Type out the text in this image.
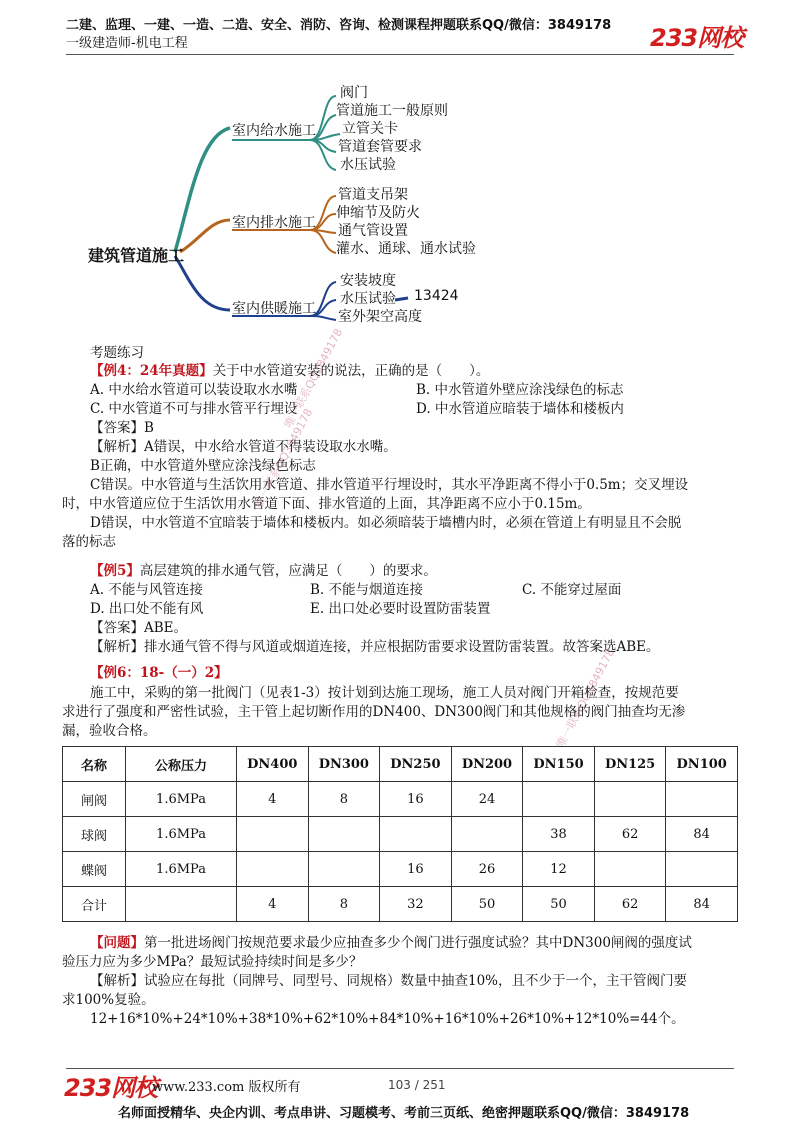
二建、监理、一建、一造、二造、安全、消防、咨询、检测课程押题联系QQ/微信：3849178
一级建造师-机电工程	233网校
建筑管道施工
室内给水施工
室内排水施工
室内供暖施工
阀门
管道施工一般原则
立管关卡
管道套管要求
水压试验
管道支吊架
伸缩节及防火
通气管设置
灌水、通球、通水试验
安装坡度
水压试验
室外架空高度
13424
唯一联系QQ3849178
唯一联系QQ3849178
唯一联系QQ3849178
考题练习
【例4：24年真题】关于中水管道安装的说法，正确的是（　　）。
A. 中水给水管道可以装设取水水嘴	B. 中水管道外壁应涂浅绿色的标志
C. 中水管道不可与排水管平行埋设	D. 中水管道应暗装于墙体和楼板内
【答案】B
【解析】A错误，中水给水管道不得装设取水水嘴。
B正确，中水管道外壁应涂浅绿色标志
C错误。中水管道与生活饮用水管道、排水管道平行埋设时，其水平净距离不得小于0.5m；交叉埋设
时，中水管道应位于生活饮用水管道下面、排水管道的上面，其净距离不应小于0.15m。
D错误，中水管道不宜暗装于墙体和楼板内。如必须暗装于墙槽内时，必须在管道上有明显且不会脱
落的标志
【例5】高层建筑的排水通气管，应满足（　　）的要求。
A. 不能与风管连接	B. 不能与烟道连接	C. 不能穿过屋面
D. 出口处不能有风	E. 出口处必要时设置防雷装置
【答案】ABE。
【解析】排水通气管不得与风道或烟道连接，并应根据防雷要求设置防雷装置。故答案选ABE。
【例6：18-（一）2】
施工中，采购的第一批阀门（见表1-3）按计划到达施工现场，施工人员对阀门开箱检查，按规范要
求进行了强度和严密性试验，主干管上起切断作用的DN400、DN300阀门和其他规格的阀门抽查均无渗
漏，验收合格。
名称	公称压力	DN400	DN300	DN250	DN200	DN150	DN125	DN100
闸阀	1.6MPa	4	8	16	24			
球阀	1.6MPa					38	62	84
蝶阀	1.6MPa			16	26	12		
合计		4	8	32	50	50	62	84
【问题】第一批进场阀门按规范要求最少应抽查多少个阀门进行强度试验？其中DN300闸阀的强度试
验压力应为多少MPa？最短试验持续时间是多少？
【解析】试验应在每批（同牌号、同型号、同规格）数量中抽查10%，且不少于一个，主干管阀门要
求100%复验。
12+16*10%+24*10%+38*10%+62*10%+84*10%+16*10%+26*10%+12*10%=44个。
233网校
www.233.com 版权所有	103 / 251
名师面授精华、央企内训、考点串讲、习题模考、考前三页纸、绝密押题联系QQ/微信：3849178
